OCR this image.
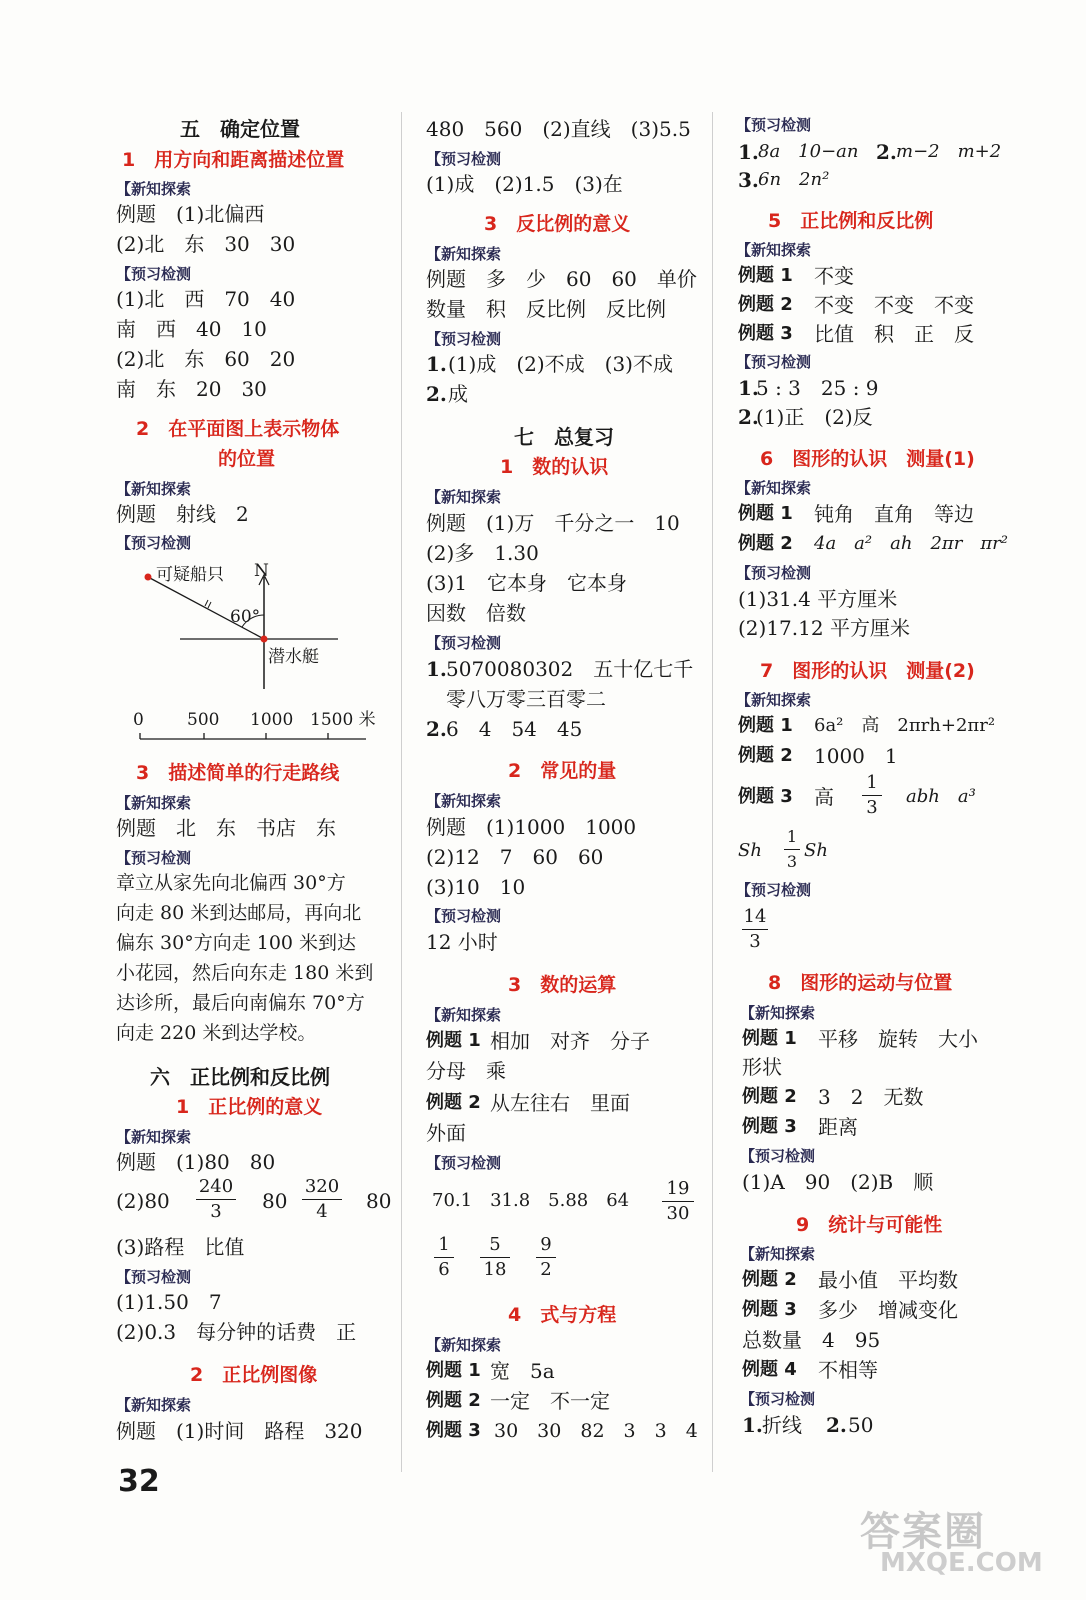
五　确定位置
1　用方向和距离描述位置
【新知探索
例题　(1)北偏西
(2)北　东　30　30
【预习检测
(1)北　西　70　40
南　西　40　10
(2)北　东　60　20
南　东　20　30
2　在平面图上表示物体
的位置
【新知探索
例题　射线　2
【预习检测
可疑船只 N
60°
潜水艇
0	500 1000 1500 米
3　描述简单的行走路线
【新知探索
例题　北　东　书店　东
【预习检测
章立从家先向北偏西 30°方
向走 80 米到达邮局，再向北
偏东 30°方向走 100 米到达
小花园，然后向东走 180 米到
达诊所，最后向南偏东 70°方
向走 220 米到达学校。
六　正比例和反比例
1　正比例的意义
【新知探索
例题　(1)80　80
(2)80
240
3	80
320
4	80
(3)路程　比值
【预习检测
(1)1.50　7
(2)0.3　每分钟的话费　正
2　正比例图像
【新知探索
例题　(1)时间　路程　320
480　560　(2)直线　(3)5.5
【预习检测
(1)成　(2)1.5　(3)在
3　反比例的意义
【新知探索
例题　多　少　60　60　单价
数量　积　反比例　反比例
【预习检测
1. (1)成　(2)不成　(3)不成
2. 成
七　总复习
1　数的认识
【新知探索
例题　(1)万　千分之一　10
(2)多　1.30
(3)1　它本身　它本身
因数　倍数
【预习检测
1. 5070080302　五十亿七千
零八万零三百零二
2. 6　4　54　45
2　常见的量
【新知探索
例题　(1)1000　1000
(2)12　7　60　60
(3)10　10
【预习检测
12 小时
3　数的运算
【新知探索
例题 1 相加　对齐　分子
分母　乘
例题 2 从左往右　里面
外面
【预习检测
70.1　31.8　5.88　64
19
30
1
6
5
18
9
2
4　式与方程
【新知探索
例题 1 宽　5a
例题 2 一定　不一定
例题 3 30　30　82　3　3　4
【预习检测
1. 8a　10−an 2. m−2　m+2
3. 6n　2n²
5　正比例和反比例
【新知探索
例题 1 不变
例题 2 不变　不变　不变
例题 3 比值　积　正　反
【预习检测
1.
5 : 3　25 : 9
2.
(1)正　(2)反
6　图形的认识　测量(1)
【新知探索
例题 1 钝角　直角　等边
例题 2 4a　a²　ah　2πr　πr²
【预习检测
(1)31.4 平方厘米
(2)17.12 平方厘米
7　图形的认识　测量(2)
【新知探索
例题 1 6a²　高　2πrh+2πr²
例题 2 1000　1
例题 3 高
1
3
abh　a³
Sh
1
3
Sh
【预习检测
14
3
8　图形的运动与位置
【新知探索
例题 1 平移　旋转　大小
形状
例题 2 3　2　无数
例题 3 距离
【预习检测
(1)A　90　(2)B　顺
9　统计与可能性
【新知探索
例题 2 最小值　平均数
例题 3 多少　增减变化
总数量　4　95
例题 4 不相等
【预习检测
1. 折线 2. 50
32
答案圈
MXQE.COM
